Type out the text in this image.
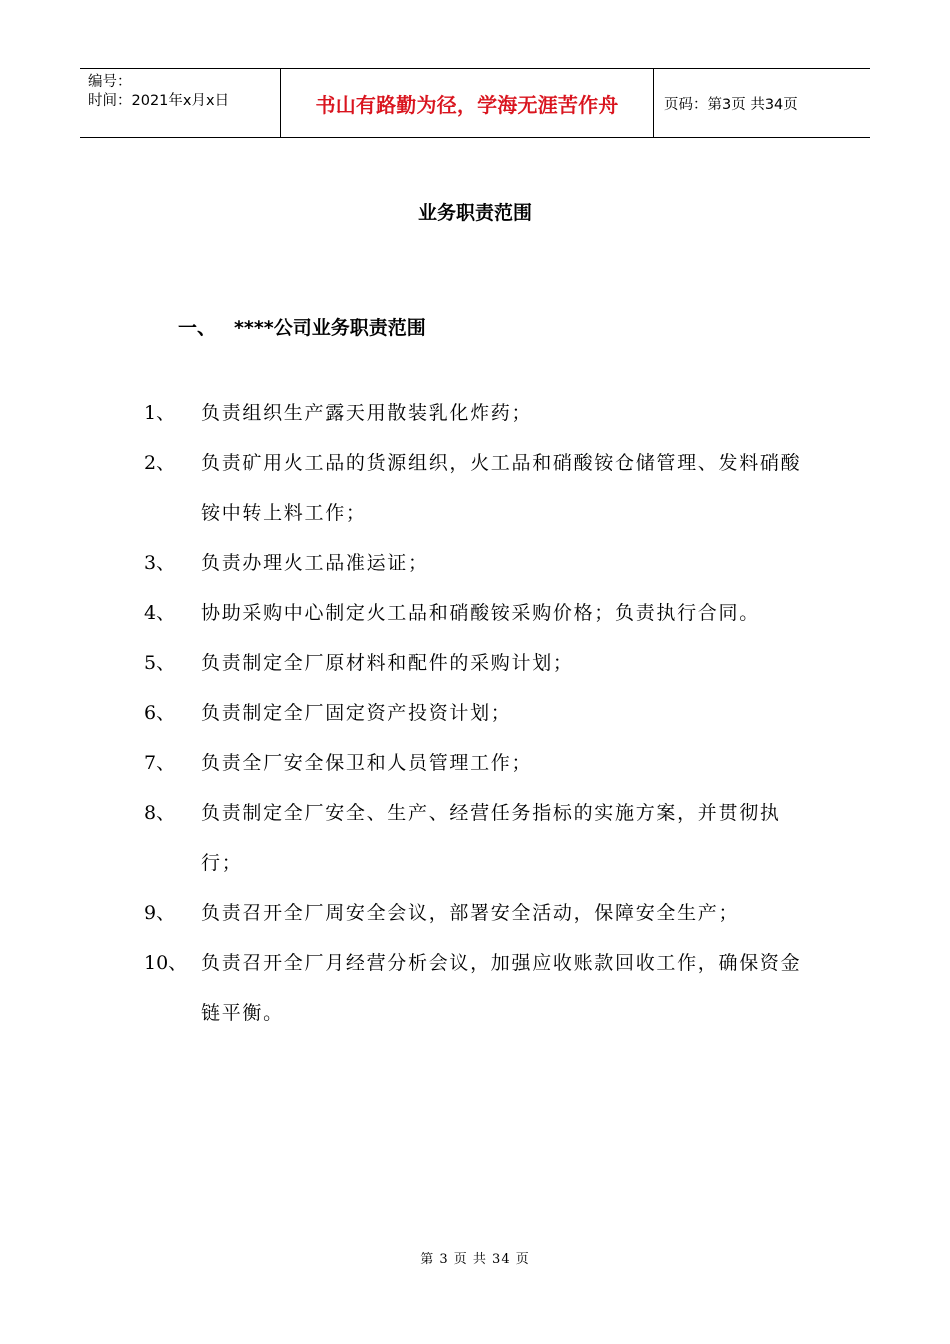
编号：
时间：2021年x月x日	书山有路勤为径，学海无涯苦作舟	页码：第3页 共34页
业务职责范围
一、 ****公司业务职责范围
1、	负责组织生产露天用散装乳化炸药；
2、	负责矿用火工品的货源组织，火工品和硝酸铵仓储管理、发料硝酸铵中转上料工作；
3、	负责办理火工品准运证；
4、	协助采购中心制定火工品和硝酸铵采购价格；负责执行合同。
5、	负责制定全厂原材料和配件的采购计划；
6、	负责制定全厂固定资产投资计划；
7、	负责全厂安全保卫和人员管理工作；
8、	负责制定全厂安全、生产、经营任务指标的实施方案，并贯彻执行；
9、	负责召开全厂周安全会议，部署安全活动，保障安全生产；
10、 负责召开全厂月经营分析会议，加强应收账款回收工作，确保资金链平衡。
第 3 页 共 34 页
